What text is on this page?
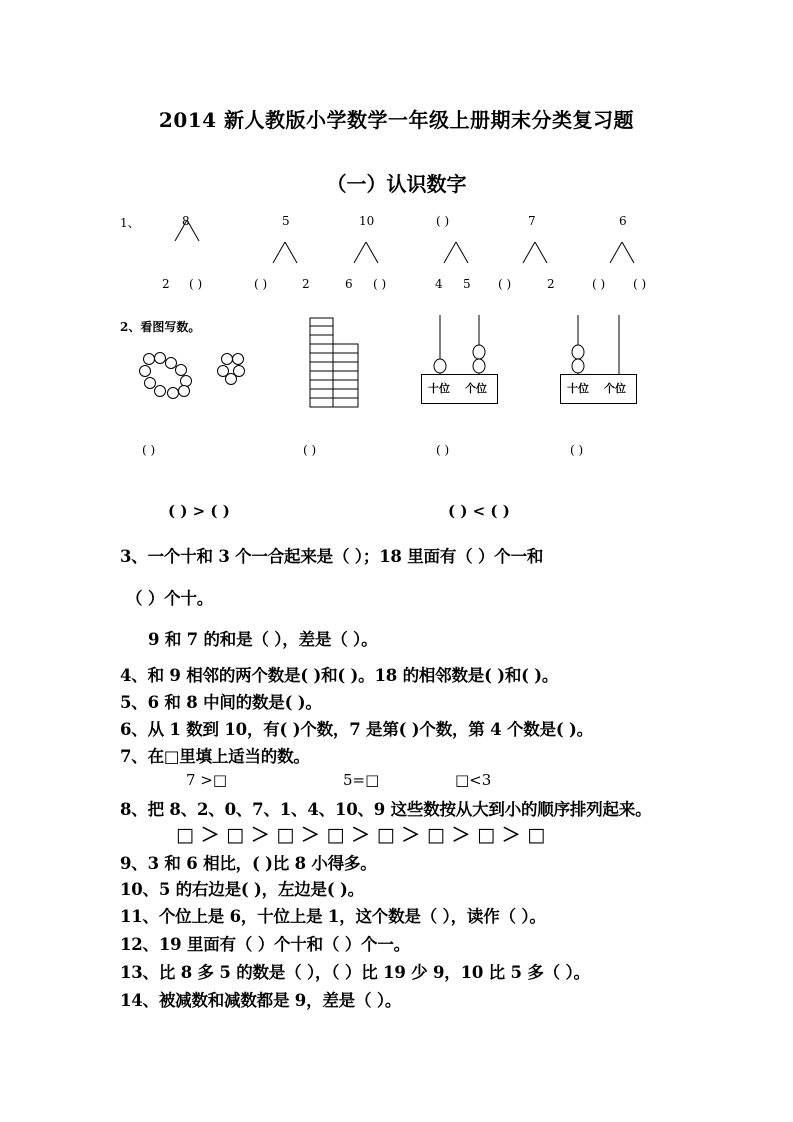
2014 新人教版小学数学一年级上册期末分类复习题
（一）认识数字
1、	8	5	10	( )	7	6
2 ( )	( )	2	6 ( )	4 5 ( )	2	( ) ( )
2、看图写数。
十位 个位	十位 个位
( )	( )	( )	( )
( ) > ( )	( ) < ( )
3、一个十和 3 个一合起来是（ ）；18 里面有（ ）个一和
（ ）个十。
9 和 7 的和是（ ），差是（ ）。
4、和 9 相邻的两个数是( )和( )。18 的相邻数是( )和( )。
5、6 和 8 中间的数是( )。
6、从 1 数到 10，有( )个数，7 是第( )个数，第 4 个数是( )。
7、在□里填上适当的数。
7 >□	5=□	□<3
8、把 8、2、0、7、1、4、10、9 这些数按从大到小的顺序排列起来。
□ ＞ □ ＞ □ ＞ □ ＞ □ ＞ □ ＞ □ ＞ □
9、3 和 6 相比，( )比 8 小得多。
10、5 的右边是( )，左边是( )。
11、个位上是 6，十位上是 1，这个数是（ ），读作（ ）。
12、19 里面有（ ）个十和（ ）个一。
13、比 8 多 5 的数是（ ），（ ）比 19 少 9，10 比 5 多（ ）。
14、被减数和减数都是 9，差是（ ）。
